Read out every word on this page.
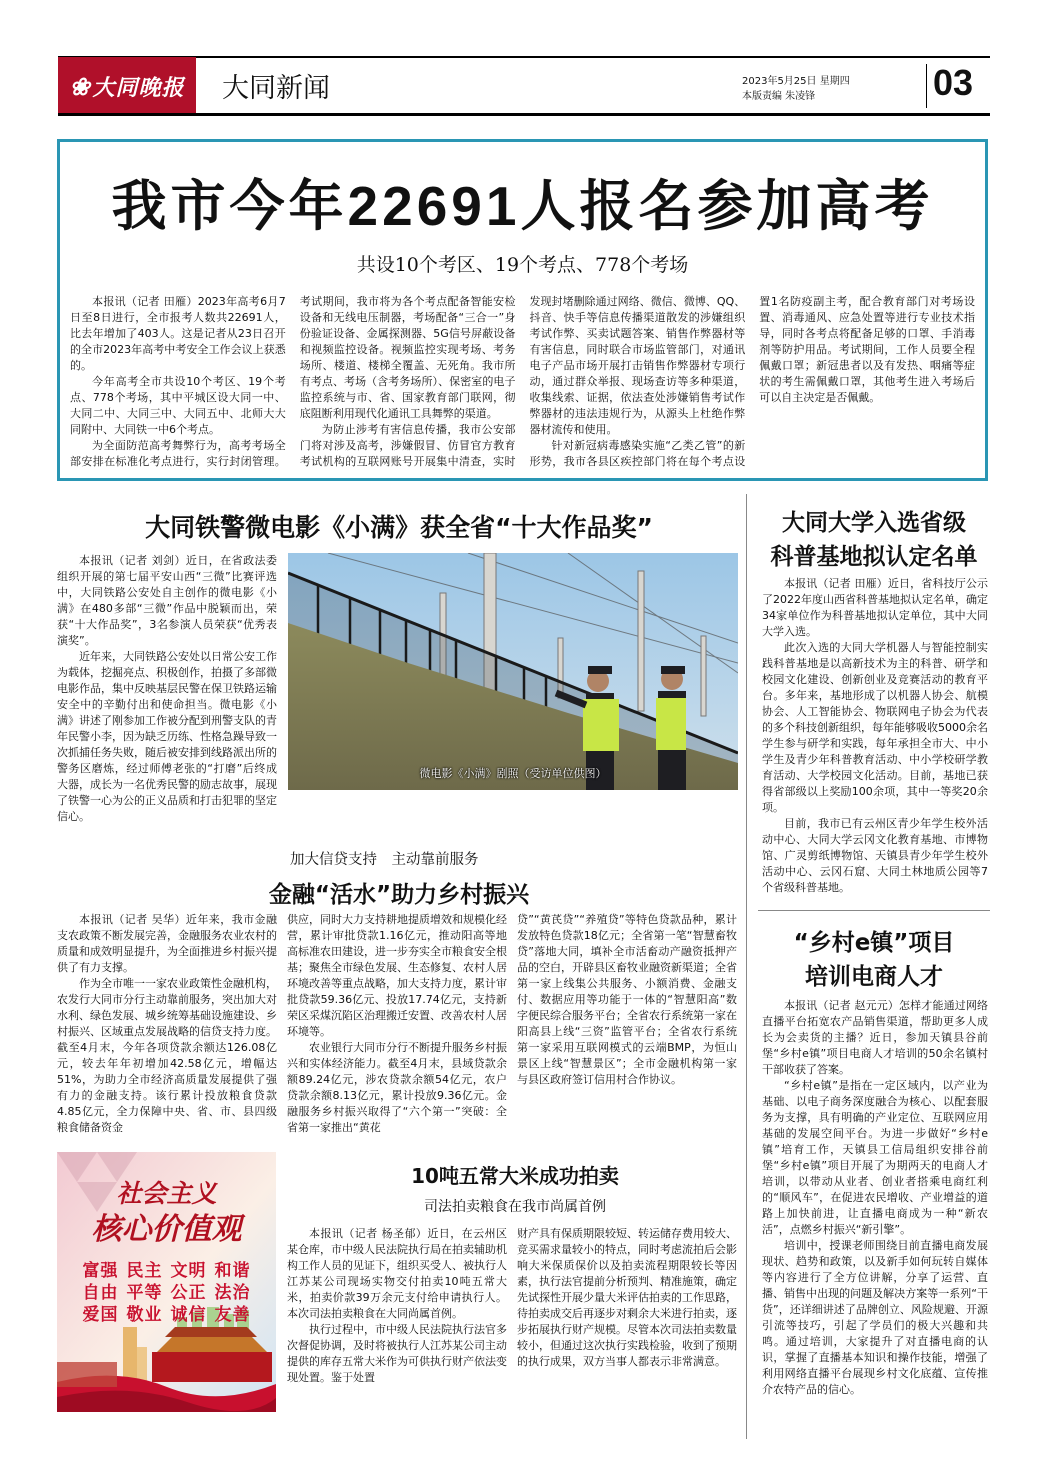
❀ 大同晚报 大同新闻	2023年5月25日 星期四
本版责编 朱凌锋	03
我市今年22691人报名参加高考
共设10个考区、19个考点、778个考场

本报讯（记者 田雁）2023年高考6月7日至8日进行，全市报考人数共22691人，比去年增加了403人。这是记者从23日召开的全市2023年高考中考安全工作会议上获悉的。

今年高考全市共设10个考区、19个考点、778个考场，其中平城区设大同一中、大同二中、大同三中、大同五中、北师大大同附中、大同铁一中6个考点。

为全面防范高考舞弊行为，高考考场全部安排在标准化考点进行，实行封闭管理。考试期间，我市将为各个考点配备智能安检设备和无线电压制器，考场配备“三合一”身份验证设备、金属探测器、5G信号屏蔽设备和视频监控设备。视频监控实现考场、考务场所、楼道、楼梯全覆盖、无死角。我市所有考点、考场（含考务场所）、保密室的电子监控系统与市、省、国家教育部门联网，彻底阻断利用现代化通讯工具舞弊的渠道。

为防止涉考有害信息传播，我市公安部门将对涉及高考，涉嫌假冒、仿冒官方教育考试机构的互联网账号开展集中清查，实时发现封堵删除通过网络、微信、微博、QQ、抖音、快手等信息传播渠道散发的涉嫌组织考试作弊、买卖试题答案、销售作弊器材等有害信息，同时联合市场监管部门，对通讯电子产品市场开展打击销售作弊器材专项行动，通过群众举报、现场查访等多种渠道，收集线索、证据，依法查处涉嫌销售考试作弊器材的违法违规行为，从源头上杜绝作弊器材流传和使用。

针对新冠病毒感染实施“乙类乙管”的新形势，我市各县区疾控部门将在每个考点设置1名防疫副主考，配合教育部门对考场设置、消毒通风、应急处置等进行专业技术指导，同时各考点将配备足够的口罩、手消毒剂等防护用品。考试期间，工作人员要全程佩戴口罩；新冠患者以及有发热、咽痛等症状的考生需佩戴口罩，其他考生进入考场后可以自主决定是否佩戴。

大同铁警微电影《小满》获全省“十大作品奖”

本报讯（记者 刘剑）近日，在省政法委组织开展的第七届平安山西“三微”比赛评选中，大同铁路公安处自主创作的微电影《小满》在480多部“三微”作品中脱颖而出，荣获“十大作品奖”，3名参演人员荣获“优秀表演奖”。

近年来，大同铁路公安处以日常公安工作为载体，挖掘亮点、积极创作，拍摄了多部微电影作品，集中反映基层民警在保卫铁路运输安全中的辛勤付出和使命担当。微电影《小满》讲述了刚参加工作被分配到刑警支队的青年民警小李，因为缺乏历练、性格急躁导致一次抓捕任务失败，随后被安排到线路派出所的警务区磨炼，经过师傅老张的“打磨”后终成大器，成长为一名优秀民警的励志故事，展现了铁警一心为公的正义品质和打击犯罪的坚定信心。

微电影《小满》剧照（受访单位供图）
加大信贷支持　主动靠前服务
金融“活水”助力乡村振兴

本报讯（记者 吴华）近年来，我市金融支农政策不断发展完善，金融服务农业农村的质量和成效明显提升，为全面推进乡村振兴提供了有力支撑。

作为全市唯一一家农业政策性金融机构，农发行大同市分行主动靠前服务，突出加大对水利、绿色发展、城乡统筹基础设施建设、乡村振兴、区域重点发展战略的信贷支持力度。截至4月末，今年各项贷款余额达126.08亿元，较去年年初增加42.58亿元，增幅达51%，为助力全市经济高质量发展提供了强有力的金融支持。该行累计投放粮食贷款4.85亿元，全力保障中央、省、市、县四级粮食储备资金

供应，同时大力支持耕地提质增效和规模化经营，累计审批贷款1.16亿元，推动阳高等地高标准农田建设，进一步夯实全市粮食安全根基；聚焦全市绿色发展、生态修复、农村人居环境改善等重点战略，加大支持力度，累计审批贷款59.36亿元、投放17.74亿元，支持新荣区采煤沉陷区治理搬迁安置、改善农村人居环境等。

农业银行大同市分行不断提升服务乡村振兴和实体经济能力。截至4月末，县域贷款余额89.24亿元，涉农贷款余额54亿元，农户贷款余额8.13亿元，累计投放9.36亿元。金融服务乡村振兴取得了“六个第一”突破：全省第一家推出“黄花

贷”“黄芪贷”“养殖贷”等特色贷款品种，累计发放特色贷款18亿元；全省第一笔“智慧畜牧贷”落地大同，填补全市活畜动产融资抵押产品的空白，开辟县区畜牧业融资新渠道；全省第一家上线集公共服务、小额消费、金融支付、数据应用等功能于一体的“智慧阳高”数字便民综合服务平台；全省农行系统第一家在阳高县上线“三资”监管平台；全省农行系统第一家采用互联网模式的云端BMP，为恒山景区上线“智慧景区”；全市金融机构第一家与县区政府签订信用村合作协议。

社会主义
核心价值观
富强 民主 文明 和谐
自由 平等 公正 法治
爱国 敬业 诚信 友善
10吨五常大米成功拍卖
司法拍卖粮食在我市尚属首例

本报讯（记者 杨圣郁）近日，在云州区某仓库，市中级人民法院执行局在拍卖辅助机构工作人员的见证下，组织买受人、被执行人江苏某公司现场实物交付拍卖10吨五常大米，拍卖价款39万余元支付给申请执行人。本次司法拍卖粮食在大同尚属首例。

执行过程中，市中级人民法院执行法官多次督促协调，及时将被执行人江苏某公司主动提供的库存五常大米作为可供执行财产依法变现处置。鉴于处置

财产具有保质期限较短、转运储存费用较大、竞买需求量较小的特点，同时考虑流拍后会影响大米保质保价以及拍卖流程期限较长等因素，执行法官提前分析预判、精准施策，确定先试探性开展少量大米评估拍卖的工作思路，待拍卖成交后再逐步对剩余大米进行拍卖，逐步拓展执行财产规模。尽管本次司法拍卖数量较小，但通过这次执行实践检验，收到了预期的执行成果，双方当事人都表示非常满意。

大同大学入选省级
科普基地拟认定名单

本报讯（记者 田雁）近日，省科技厅公示了2022年度山西省科普基地拟认定名单，确定34家单位作为科普基地拟认定单位，其中大同大学入选。

此次入选的大同大学机器人与智能控制实践科普基地是以高新技术为主的科普、研学和校园文化建设、创新创业及竞赛活动的教育平台。多年来，基地形成了以机器人协会、航模协会、人工智能协会、物联网电子协会为代表的多个科技创新组织，每年能够吸收5000余名学生参与研学和实践，每年承担全市大、中小学生及青少年科普教育活动、中小学校研学教育活动、大学校园文化活动。目前，基地已获得省部级以上奖励100余项，其中一等奖20余项。

目前，我市已有云州区青少年学生校外活动中心、大同大学云冈文化教育基地、市博物馆、广灵剪纸博物馆、天镇县青少年学生校外活动中心、云冈石窟、大同土林地质公园等7个省级科普基地。

“乡村e镇”项目
培训电商人才

本报讯（记者 赵元元）怎样才能通过网络直播平台拓宽农产品销售渠道，帮助更多人成长为会卖货的主播？近日，参加天镇县谷前堡“乡村e镇”项目电商人才培训的50余名镇村干部收获了答案。

“乡村e镇”是指在一定区域内，以产业为基础、以电子商务深度融合为核心、以配套服务为支撑，具有明确的产业定位、互联网应用基础的发展空间平台。为进一步做好“乡村e镇”培育工作，天镇县工信局组织安排谷前堡“乡村e镇”项目开展了为期两天的电商人才培训，以带动从业者、创业者搭乘电商红利的“顺风车”，在促进农民增收、产业增益的道路上加快前进，让直播电商成为一种“新农活”，点燃乡村振兴“新引擎”。

培训中，授课老师围绕目前直播电商发展现状、趋势和政策，以及新手如何玩转自媒体等内容进行了全方位讲解，分享了运营、直播、销售中出现的问题及解决方案等一系列“干货”，还详细讲述了品牌创立、风险规避、开源引流等技巧，引起了学员们的极大兴趣和共鸣。通过培训，大家提升了对直播电商的认识，掌握了直播基本知识和操作技能，增强了利用网络直播平台展现乡村文化底蕴、宣传推介农特产品的信心。
